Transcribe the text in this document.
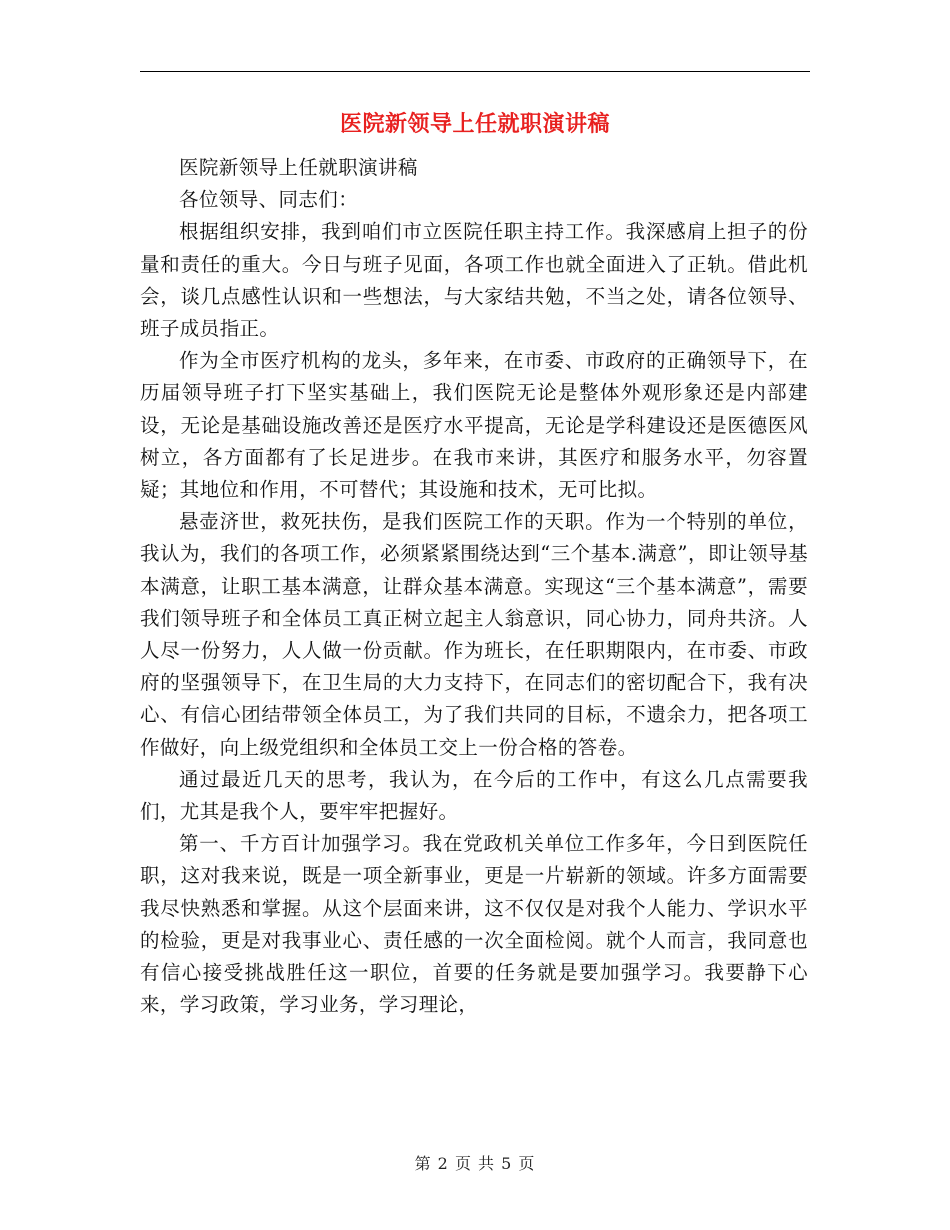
医院新领导上任就职演讲稿

医院新领导上任就职演讲稿

各位领导、同志们：

根据组织安排，我到咱们市立医院任职主持工作。我深感肩上担子的份量和责任的重大。今日与班子见面，各项工作也就全面进入了正轨。借此机会，谈几点感性认识和一些想法，与大家结共勉，不当之处，请各位领导、班子成员指正。

作为全市医疗机构的龙头，多年来，在市委、市政府的正确领导下，在历届领导班子打下坚实基础上，我们医院无论是整体外观形象还是内部建设，无论是基础设施改善还是医疗水平提高，无论是学科建设还是医德医风树立，各方面都有了长足进步。在我市来讲，其医疗和服务水平，勿容置疑；其地位和作用，不可替代；其设施和技术，无可比拟。

悬壶济世，救死扶伤，是我们医院工作的天职。作为一个特别的单位，我认为，我们的各项工作，必须紧紧围绕达到“三个基本.满意”，即让领导基本满意，让职工基本满意，让群众基本满意。实现这“三个基本满意”，需要我们领导班子和全体员工真正树立起主人翁意识，同心协力，同舟共济。人人尽一份努力，人人做一份贡献。作为班长，在任职期限内，在市委、市政府的坚强领导下，在卫生局的大力支持下，在同志们的密切配合下，我有决心、有信心团结带领全体员工，为了我们共同的目标，不遗余力，把各项工作做好，向上级党组织和全体员工交上一份合格的答卷。

通过最近几天的思考，我认为，在今后的工作中，有这么几点需要我们，尤其是我个人，要牢牢把握好。

第一、千方百计加强学习。我在党政机关单位工作多年，今日到医院任职，这对我来说，既是一项全新事业，更是一片崭新的领域。许多方面需要我尽快熟悉和掌握。从这个层面来讲，这不仅仅是对我个人能力、学识水平的检验，更是对我事业心、责任感的一次全面检阅。就个人而言，我同意也有信心接受挑战胜任这一职位，首要的任务就是要加强学习。我要静下心来，学习政策，学习业务，学习理论，

第 2 页 共 5 页
